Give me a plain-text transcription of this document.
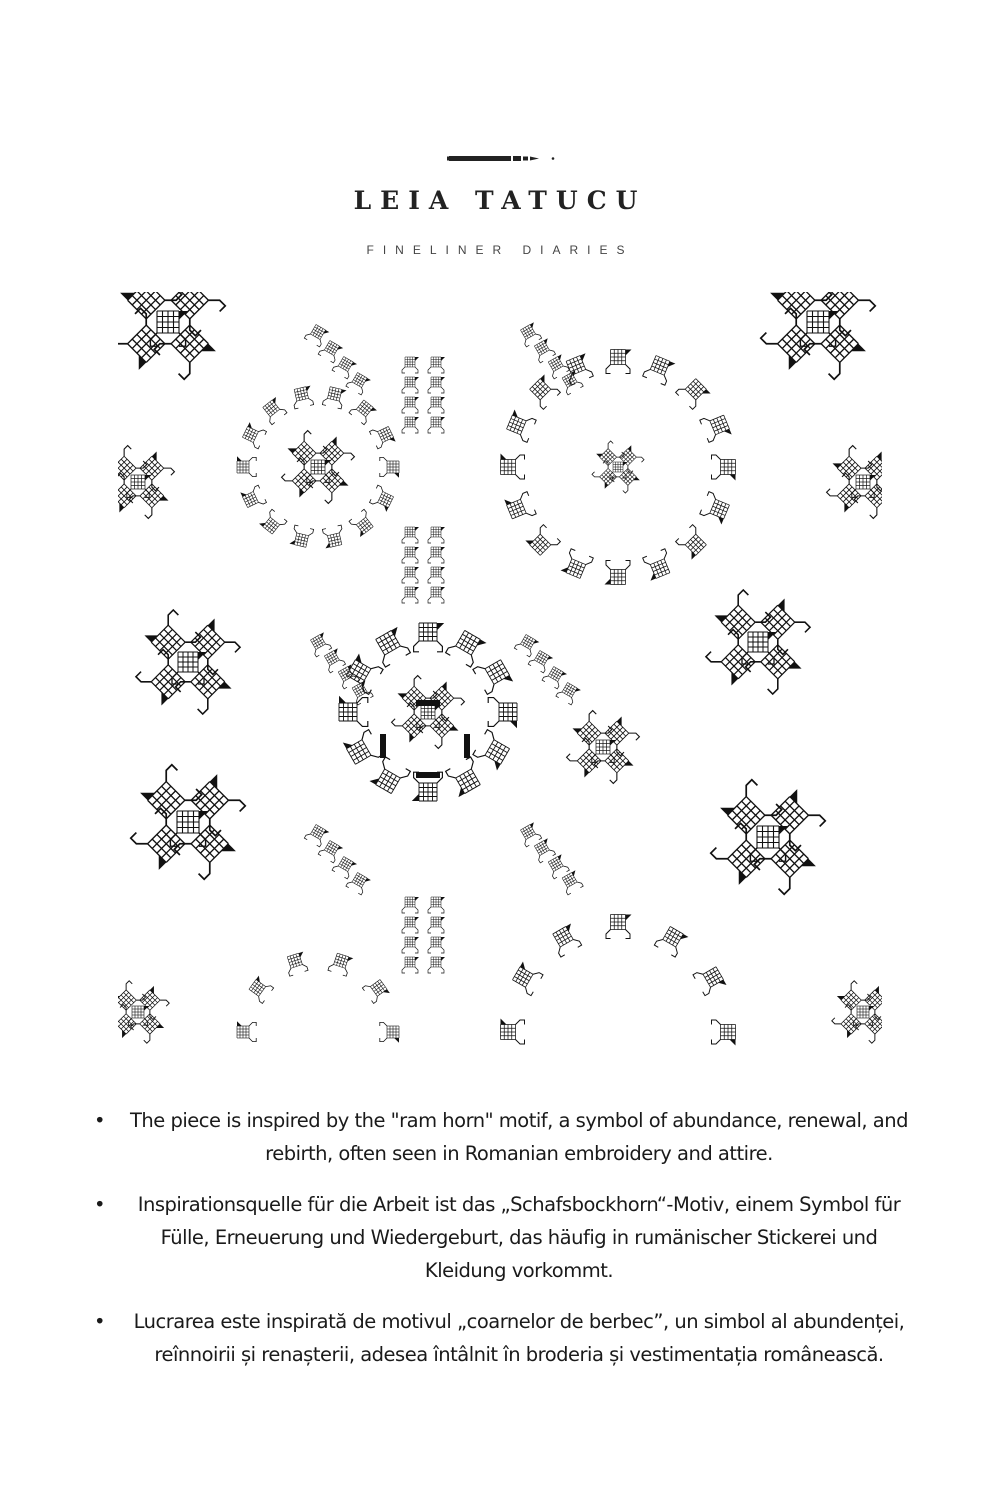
LEIA TATUCU
FINELINER DIARIES
• The piece is inspired by the "ram horn" motif, a symbol of abundance, renewal, and rebirth, often seen in Romanian embroidery and attire.
• Inspirationsquelle für die Arbeit ist das „Schafsbockhorn“-Motiv, einem Symbol für Fülle, Erneuerung und Wiedergeburt, das häufig in rumänischer Stickerei und Kleidung vorkommt.
• Lucrarea este inspirată de motivul „coarnelor de berbec”, un simbol al abundenței, reînnoirii și renașterii, adesea întâlnit în broderia și vestimentația românească.
